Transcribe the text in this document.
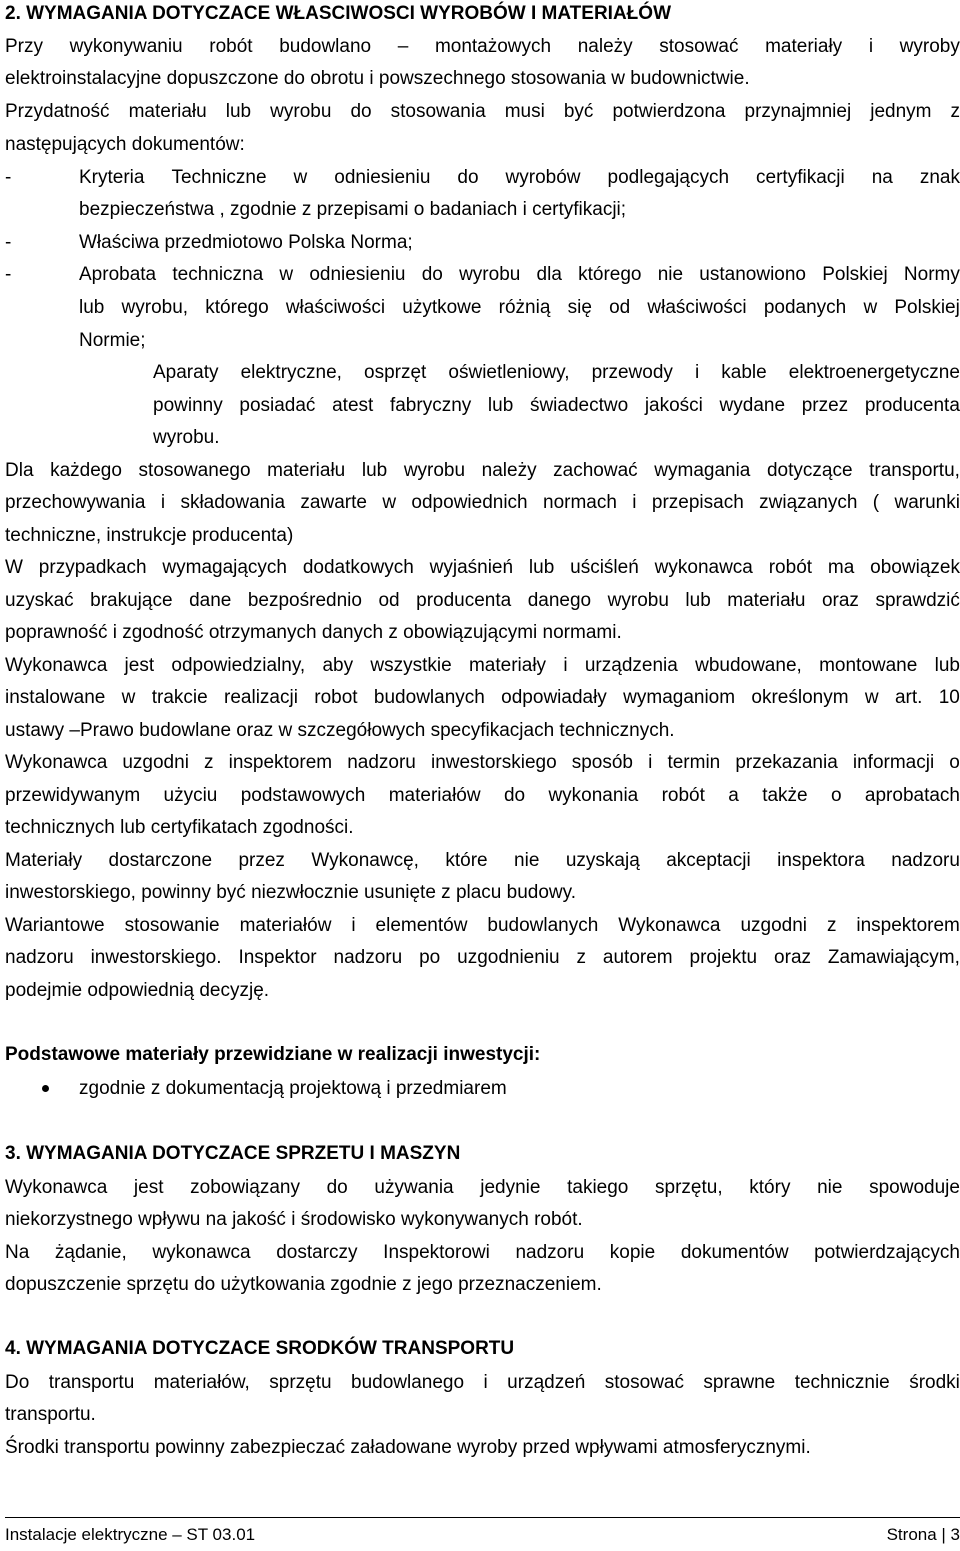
2. WYMAGANIA DOTYCZACE WŁASCIWOSCI WYROBÓW I MATERIAŁÓW
Przy wykonywaniu robót budowlano – montażowych należy stosować materiały i wyroby
elektroinstalacyjne dopuszczone do obrotu i powszechnego stosowania w budownictwie.
Przydatność materiału lub wyrobu do stosowania musi być potwierdzona przynajmniej jednym z
następujących dokumentów:
-	Kryteria Techniczne w odniesieniu do wyrobów podlegających certyfikacji na znak
bezpieczeństwa , zgodnie z przepisami o badaniach i certyfikacji;
-	Właściwa przedmiotowo Polska Norma;
-	Aprobata techniczna w odniesieniu do wyrobu dla którego nie ustanowiono Polskiej Normy
lub wyrobu, którego właściwości użytkowe różnią się od właściwości podanych w Polskiej
Normie;
Aparaty elektryczne, osprzęt oświetleniowy, przewody i kable elektroenergetyczne
powinny posiadać atest fabryczny lub świadectwo jakości wydane przez producenta
wyrobu.
Dla każdego stosowanego materiału lub wyrobu należy zachować wymagania dotyczące transportu,
przechowywania i składowania zawarte w odpowiednich normach i przepisach związanych ( warunki
techniczne, instrukcje producenta)
W przypadkach wymagających dodatkowych wyjaśnień lub uściśleń wykonawca robót ma obowiązek
uzyskać brakujące dane bezpośrednio od producenta danego wyrobu lub materiału oraz sprawdzić
poprawność i zgodność otrzymanych danych z obowiązującymi normami.
Wykonawca jest odpowiedzialny, aby wszystkie materiały i urządzenia wbudowane, montowane lub
instalowane w trakcie realizacji robot budowlanych odpowiadały wymaganiom określonym w art. 10
ustawy –Prawo budowlane oraz w szczegółowych specyfikacjach technicznych.
Wykonawca uzgodni z inspektorem nadzoru inwestorskiego sposób i termin przekazania informacji o
przewidywanym użyciu podstawowych materiałów do wykonania robót a także o aprobatach
technicznych lub certyfikatach zgodności.
Materiały dostarczone przez Wykonawcę, które nie uzyskają akceptacji inspektora nadzoru
inwestorskiego, powinny być niezwłocznie usunięte z placu budowy.
Wariantowe stosowanie materiałów i elementów budowlanych Wykonawca uzgodni z inspektorem
nadzoru inwestorskiego. Inspektor nadzoru po uzgodnieniu z autorem projektu oraz Zamawiającym,
podejmie odpowiednią decyzję.
Podstawowe materiały przewidziane w realizacji inwestycji:
zgodnie z dokumentacją projektową i przedmiarem
3. WYMAGANIA DOTYCZACE SPRZETU I MASZYN
Wykonawca jest zobowiązany do używania jedynie takiego sprzętu, który nie spowoduje
niekorzystnego wpływu na jakość i środowisko wykonywanych robót.
Na żądanie, wykonawca dostarczy Inspektorowi nadzoru kopie dokumentów potwierdzających
dopuszczenie sprzętu do użytkowania zgodnie z jego przeznaczeniem.
4. WYMAGANIA DOTYCZACE SRODKÓW TRANSPORTU
Do transportu materiałów, sprzętu budowlanego i urządzeń stosować sprawne technicznie środki
transportu.
Środki transportu powinny zabezpieczać załadowane wyroby przed wpływami atmosferycznymi.
Instalacje elektryczne – ST 03.01	Strona | 3
